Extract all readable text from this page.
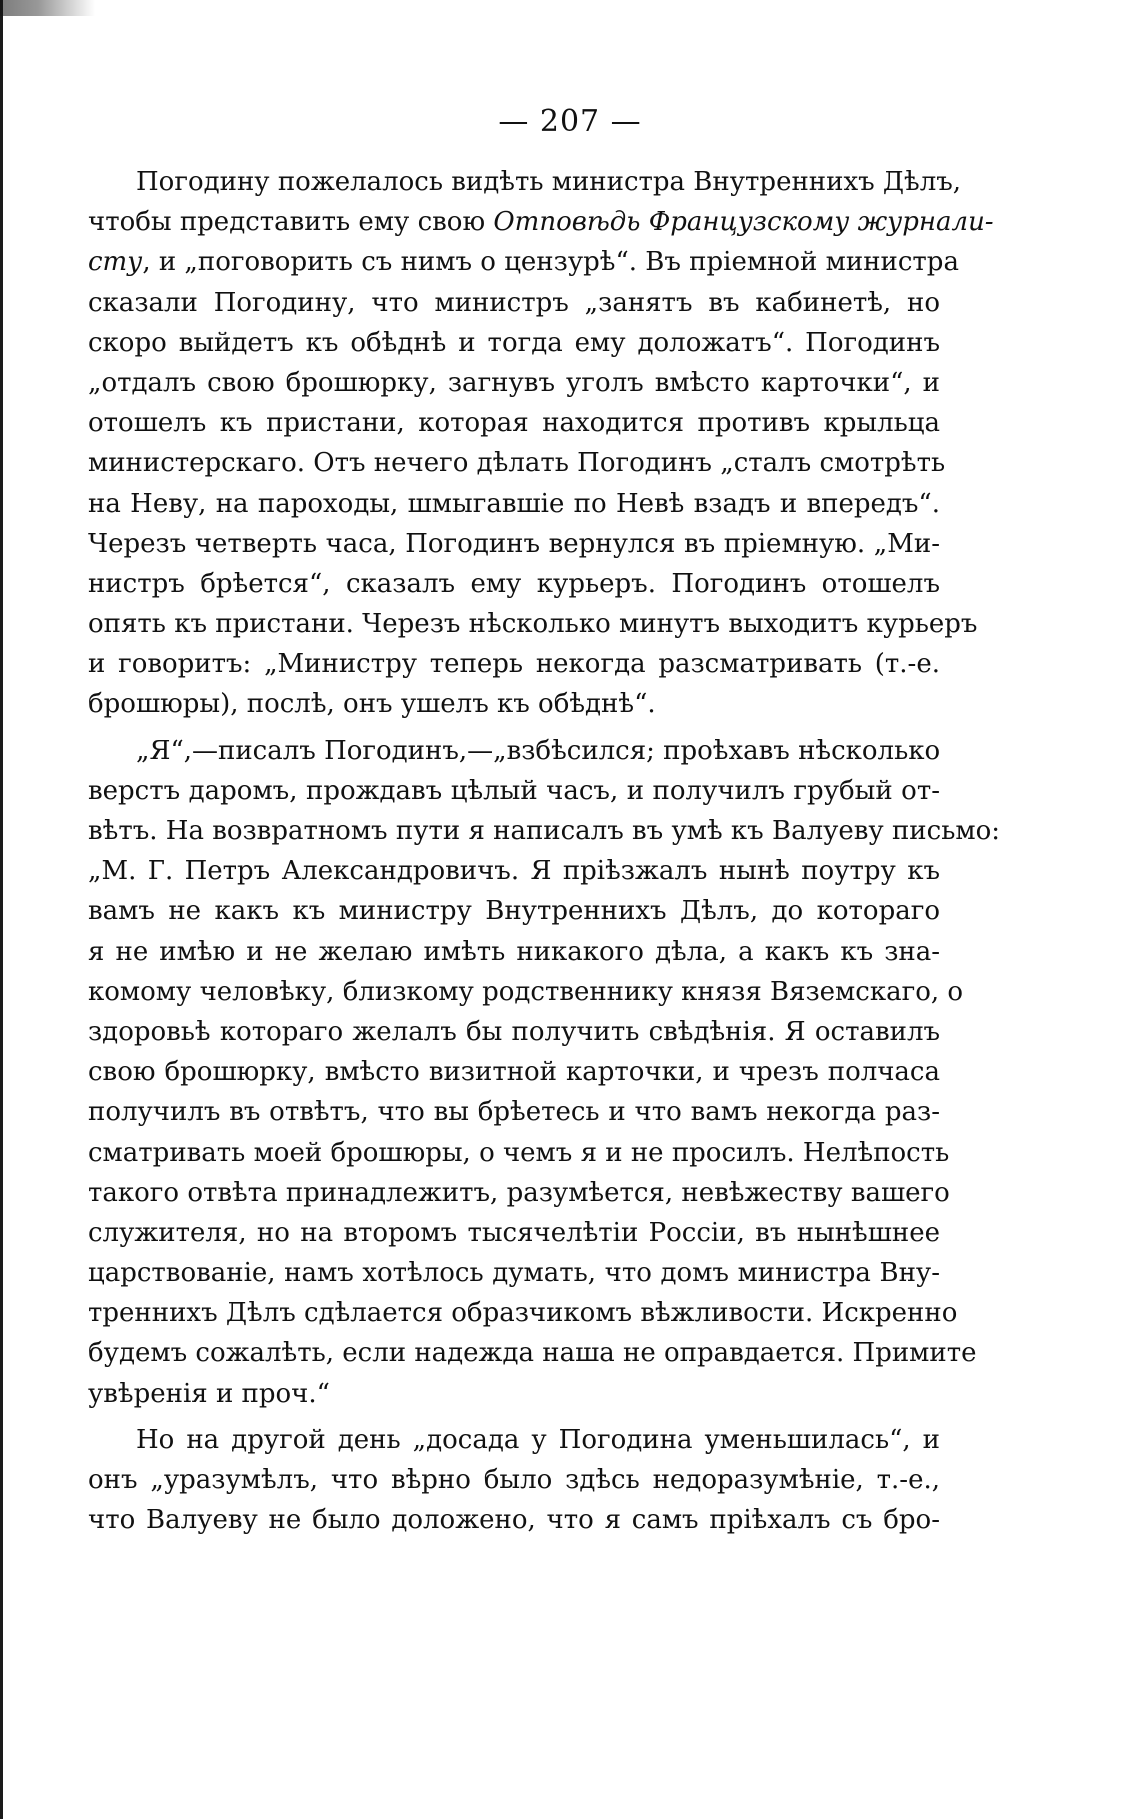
— 207 —
Погодину пожелалось видѣть министра Внутреннихъ Дѣлъ,
чтобы представить ему свою Отповѣдь Французскому журнали-
сту, и „поговорить съ нимъ о цензурѣ“. Въ пріемной министра
сказали Погодину, что министръ „занятъ въ кабинетѣ, но
скоро выйдетъ къ обѣднѣ и тогда ему доложатъ“. Погодинъ
„отдалъ свою брошюрку, загнувъ уголъ вмѣсто карточки“, и
отошелъ къ пристани, которая находится противъ крыльца
министерскаго. Отъ нечего дѣлать Погодинъ „сталъ смотрѣть
на Неву, на пароходы, шмыгавшіе по Невѣ взадъ и впередъ“.
Черезъ четверть часа, Погодинъ вернулся въ пріемную. „Ми-
нистръ брѣется“, сказалъ ему курьеръ. Погодинъ отошелъ
опять къ пристани. Черезъ нѣсколько минутъ выходитъ курьеръ
и говоритъ: „Министру теперь некогда разсматривать (т.-е.
брошюры), послѣ, онъ ушелъ къ обѣднѣ“.
„Я“,—писалъ Погодинъ,—„взбѣсился; проѣхавъ нѣсколько
верстъ даромъ, прождавъ цѣлый часъ, и получилъ грубый от-
вѣтъ. На возвратномъ пути я написалъ въ умѣ къ Валуеву письмо:
„М. Г. Петръ Александровичъ. Я пріѣзжалъ нынѣ поутру къ
вамъ не какъ къ министру Внутреннихъ Дѣлъ, до котораго
я не имѣю и не желаю имѣть никакого дѣла, а какъ къ зна-
комому человѣку, близкому родственнику князя Вяземскаго, о
здоровьѣ котораго желалъ бы получить свѣдѣнія. Я оставилъ
свою брошюрку, вмѣсто визитной карточки, и чрезъ полчаса
получилъ въ отвѣтъ, что вы брѣетесь и что вамъ некогда раз-
сматривать моей брошюры, о чемъ я и не просилъ. Нелѣпость
такого отвѣта принадлежитъ, разумѣется, невѣжеству вашего
служителя, но на второмъ тысячелѣтіи Россіи, въ нынѣшнее
царствованіе, намъ хотѣлось думать, что домъ министра Вну-
треннихъ Дѣлъ сдѣлается образчикомъ вѣжливости. Искренно
будемъ сожалѣть, если надежда наша не оправдается. Примите
увѣренія и проч.“
Но на другой день „досада у Погодина уменьшилась“, и
онъ „уразумѣлъ, что вѣрно было здѣсь недоразумѣніе, т.-е.,
что Валуеву не было доложено, что я самъ пріѣхалъ съ бро-
